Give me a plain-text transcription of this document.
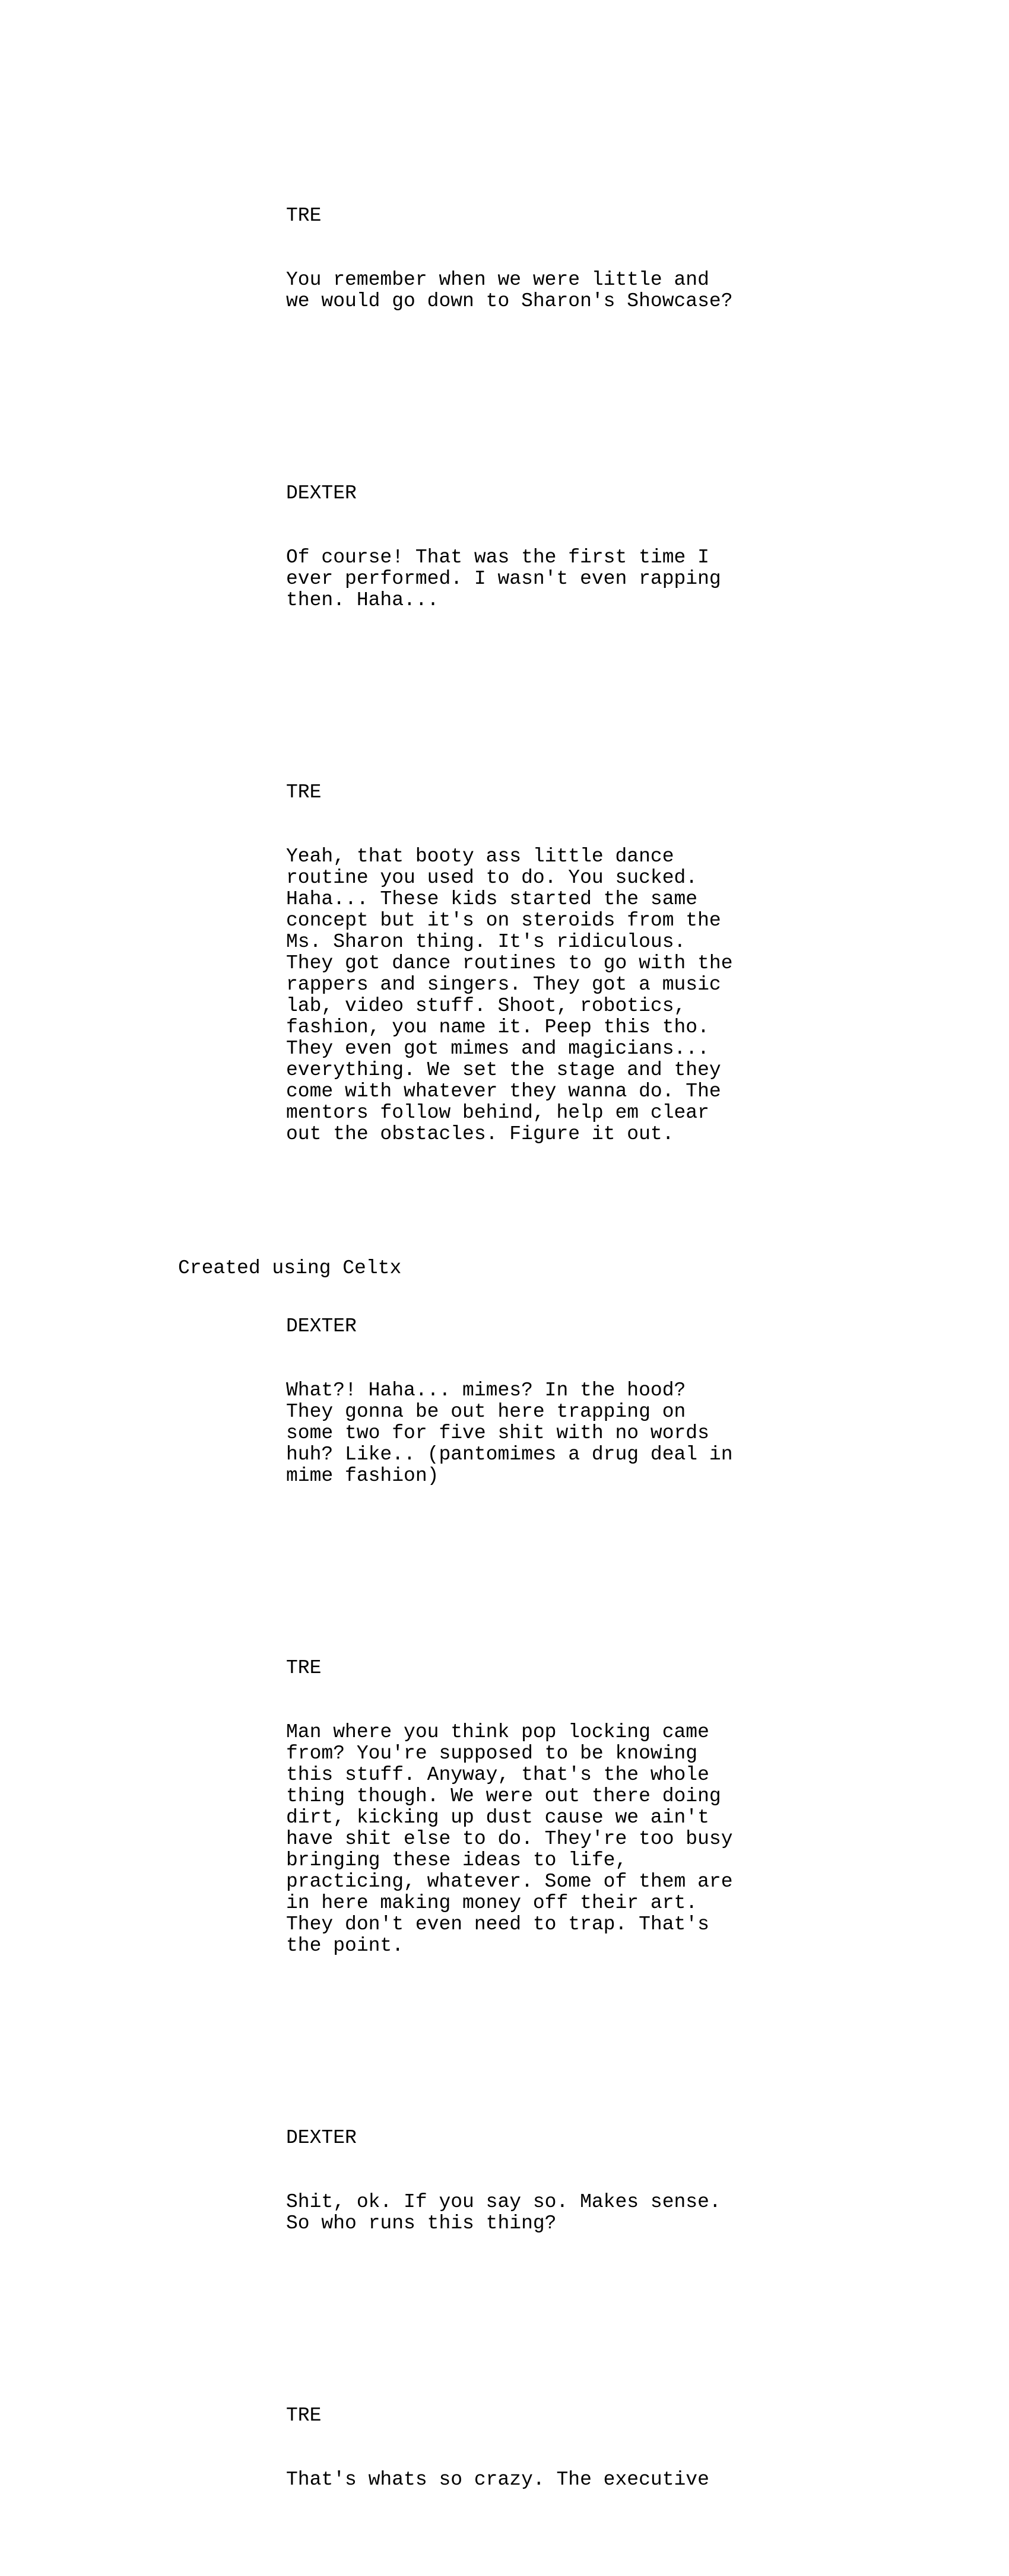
TRE

You remember when we were little and
we would go down to Sharon's Showcase?

DEXTER

Of course! That was the first time I
ever performed. I wasn't even rapping
then. Haha...

TRE

Yeah, that booty ass little dance
routine you used to do. You sucked.
Haha... These kids started the same
concept but it's on steroids from the
Ms. Sharon thing. It's ridiculous.
They got dance routines to go with the
rappers and singers. They got a music
lab, video stuff. Shoot, robotics,
fashion, you name it. Peep this tho.
They even got mimes and magicians...
everything. We set the stage and they
come with whatever they wanna do. The
mentors follow behind, help em clear
out the obstacles. Figure it out.

DEXTER

What?! Haha... mimes? In the hood?
They gonna be out here trapping on
some two for five shit with no words
huh? Like.. (pantomimes a drug deal in
mime fashion)

TRE

Man where you think pop locking came
from? You're supposed to be knowing
this stuff. Anyway, that's the whole
thing though. We were out there doing
dirt, kicking up dust cause we ain't
have shit else to do. They're too busy
bringing these ideas to life,
practicing, whatever. Some of them are
in here making money off their art.
They don't even need to trap. That's
the point.

DEXTER

Shit, ok. If you say so. Makes sense.
So who runs this thing?

TRE

That's whats so crazy. The executive

Created using Celtx
